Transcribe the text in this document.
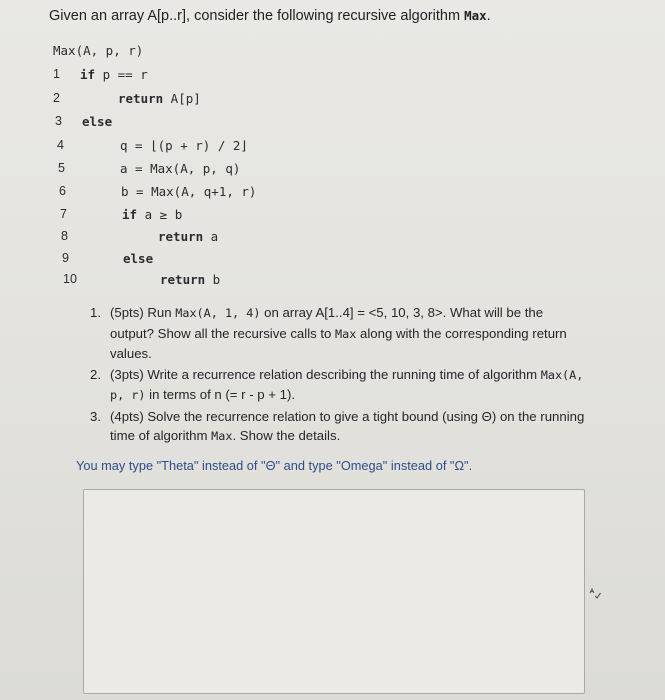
Given an array A[p..r], consider the following recursive algorithm Max.
Max(A, p, r)
1 if p == r
2	return A[p]
3 else
4	q = ⌊(p + r) / 2⌋
5	a = Max(A, p, q)
6	b = Max(A, q+1, r)
7	if a ≥ b
8	return a
9	else
10	return b
1. (5pts) Run Max(A, 1, 4) on array A[1..4] = <5, 10, 3, 8>. What will be the output? Show all the recursive calls to Max along with the corresponding return values.
2. (3pts) Write a recurrence relation describing the running time of algorithm Max(A, p, r) in terms of n (= r - p + 1).
3. (4pts) Solve the recurrence relation to give a tight bound (using Θ) on the running time of algorithm Max. Show the details.
You may type "Theta" instead of "Θ" and type "Omega" instead of "Ω".
